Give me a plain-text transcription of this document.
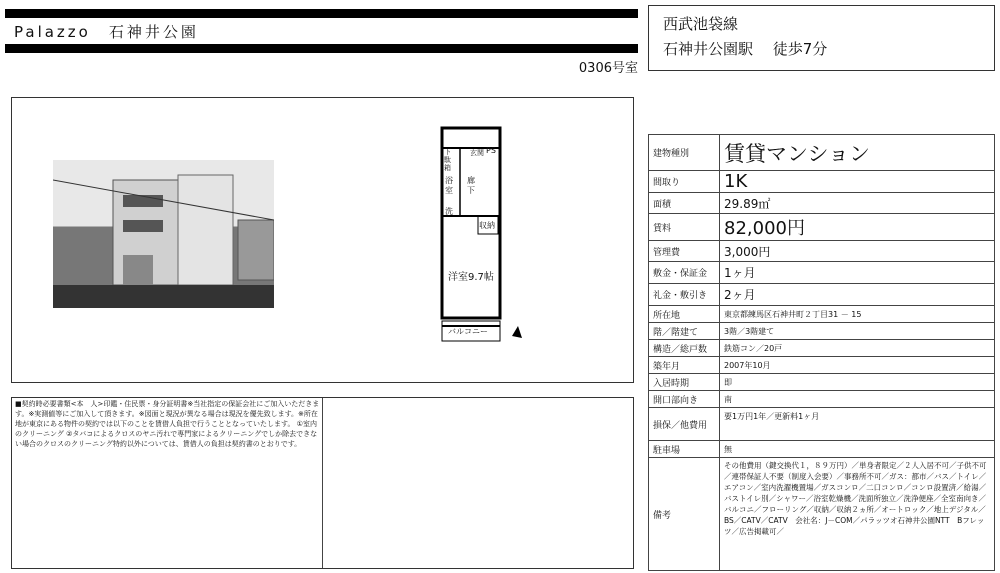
Palazzo　石神井公園
0306号室
西武池袋線
石神井公園駅　 徒歩7分
下駄箱
PS
玄関
浴室
廊下
洗
収納
洋室9.7帖
バルコニー
■契約時必要書類<本　人>印鑑・住民票・身分証明書※当社指定の保証会社にご加入いただきます。※実測値等にご加入して頂きます。※図面と現況が異なる場合は現況を優先致します。※所在地が東京にある物件の契約では以下のことを賃借人負担で行うこととなっていたします。 ①室内のクリーニング ②タバコによるクロスのヤニ汚れで専門家によるクリーニングでしか除去できない場合のクロスのクリーニング特約以外については、賃借人の負担は契約書のとおりです。
建物種別	賃貸マンション
間取り	1K
面積	29.89㎡
賃料	82,000円
管理費	3,000円
敷金・保証金	1ヶ月
礼金・敷引き	2ヶ月
所在地	東京都練馬区石神井町２丁目31 － 15
階／階建て	3階／3階建て
構造／総戸数	鉄筋コン／20戸
築年月	2007年10月
入居時期	即
開口部向き	南
損保／他費用	要1万円1年／更新料1ヶ月
駐車場	無
備考	その他費用（鍵交換代１，８９万円）／単身者限定／２人入居不可／子供不可／連帯保証人不要（制度入会要）／事務所不可／ガス：都市／バス／トイレ／エアコン／室内洗濯機置場／ガスコンロ／二口コンロ／コンロ設置済／給湯／バストイレ別／シャワー／浴室乾燥機／洗面所独立／洗浄便座／全室南向き／バルコニ／フローリング／収納／収納２ヵ所／オートロック／地上デジタル／BS／CATV／CATV　会社名：J－COM／パラッツオ石神井公園NTT　Bフレッツ／広告掲載可／
